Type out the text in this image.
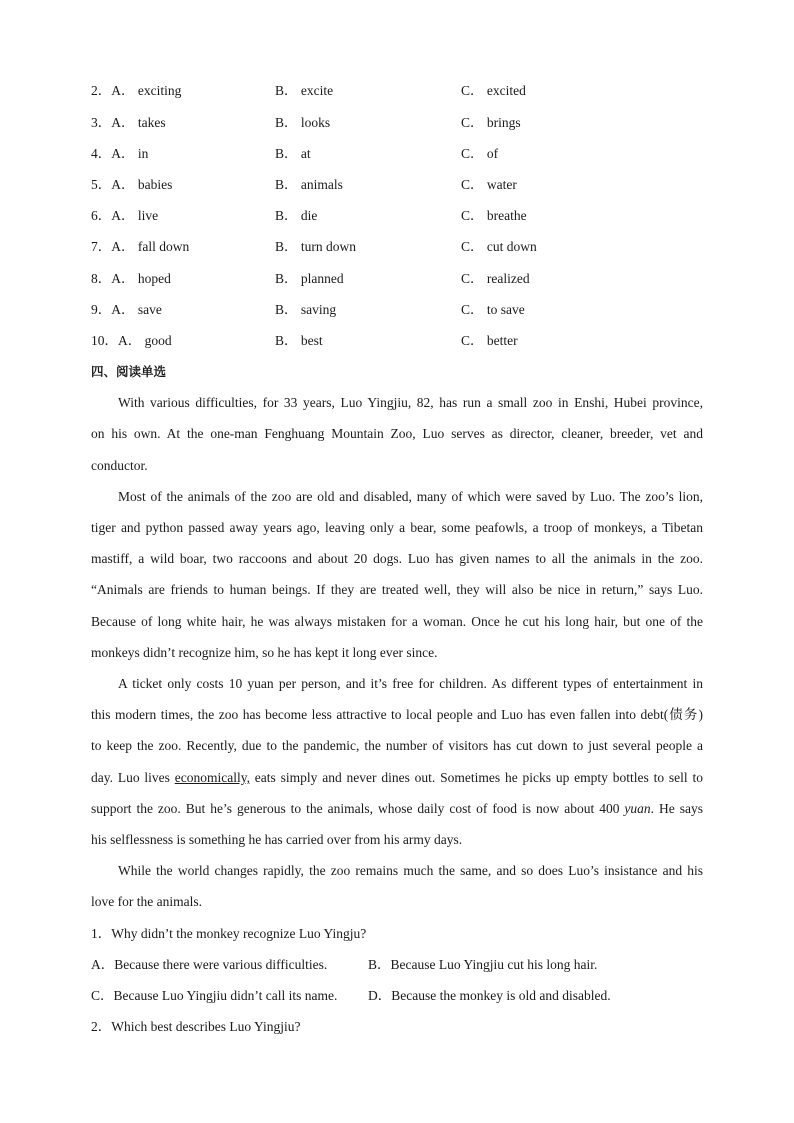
2．A． exciting	B． excite	C． excited
3．A． takes	B． looks	C． brings
4．A． in	B． at	C． of
5．A． babies	B． animals	C． water
6．A． live	B． die	C． breathe
7．A． fall down	B． turn down	C． cut down
8．A． hoped	B． planned	C． realized
9．A． save	B． saving	C． to save
10．A． good	B． best	C． better
四、阅读单选
With various difficulties, for 33 years, Luo Yingjiu, 82, has run a small zoo in Enshi, Hubei province,
on his own. At the one-man Fenghuang Mountain Zoo, Luo serves as director, cleaner, breeder, vet and
conductor.
Most of the animals of the zoo are old and disabled, many of which were saved by Luo. The zoo’s lion,
tiger and python passed away years ago, leaving only a bear, some peafowls, a troop of monkeys, a Tibetan
mastiff, a wild boar, two raccoons and about 20 dogs. Luo has given names to all the animals in the zoo.
“Animals are friends to human beings. If they are treated well, they will also be nice in return,” says Luo.
Because of long white hair, he was always mistaken for a woman. Once he cut his long hair, but one of the
monkeys didn’t recognize him, so he has kept it long ever since.
A ticket only costs 10 yuan per person, and it’s free for children. As different types of entertainment in
this modern times, the zoo has become less attractive to local people and Luo has even fallen into debt(债务)
to keep the zoo. Recently, due to the pandemic, the number of visitors has cut down to just several people a
day. Luo lives economically, eats simply and never dines out. Sometimes he picks up empty bottles to sell to
support the zoo. But he’s generous to the animals, whose daily cost of food is now about 400 yuan. He says
his selflessness is something he has carried over from his army days.
While the world changes rapidly, the zoo remains much the same, and so does Luo’s insistance and his
love for the animals.
1．Why didn’t the monkey recognize Luo Yingju?
A．Because there were various difficulties.	B．Because Luo Yingjiu cut his long hair.
C．Because Luo Yingjiu didn’t call its name. D．Because the monkey is old and disabled.
2．Which best describes Luo Yingjiu?
